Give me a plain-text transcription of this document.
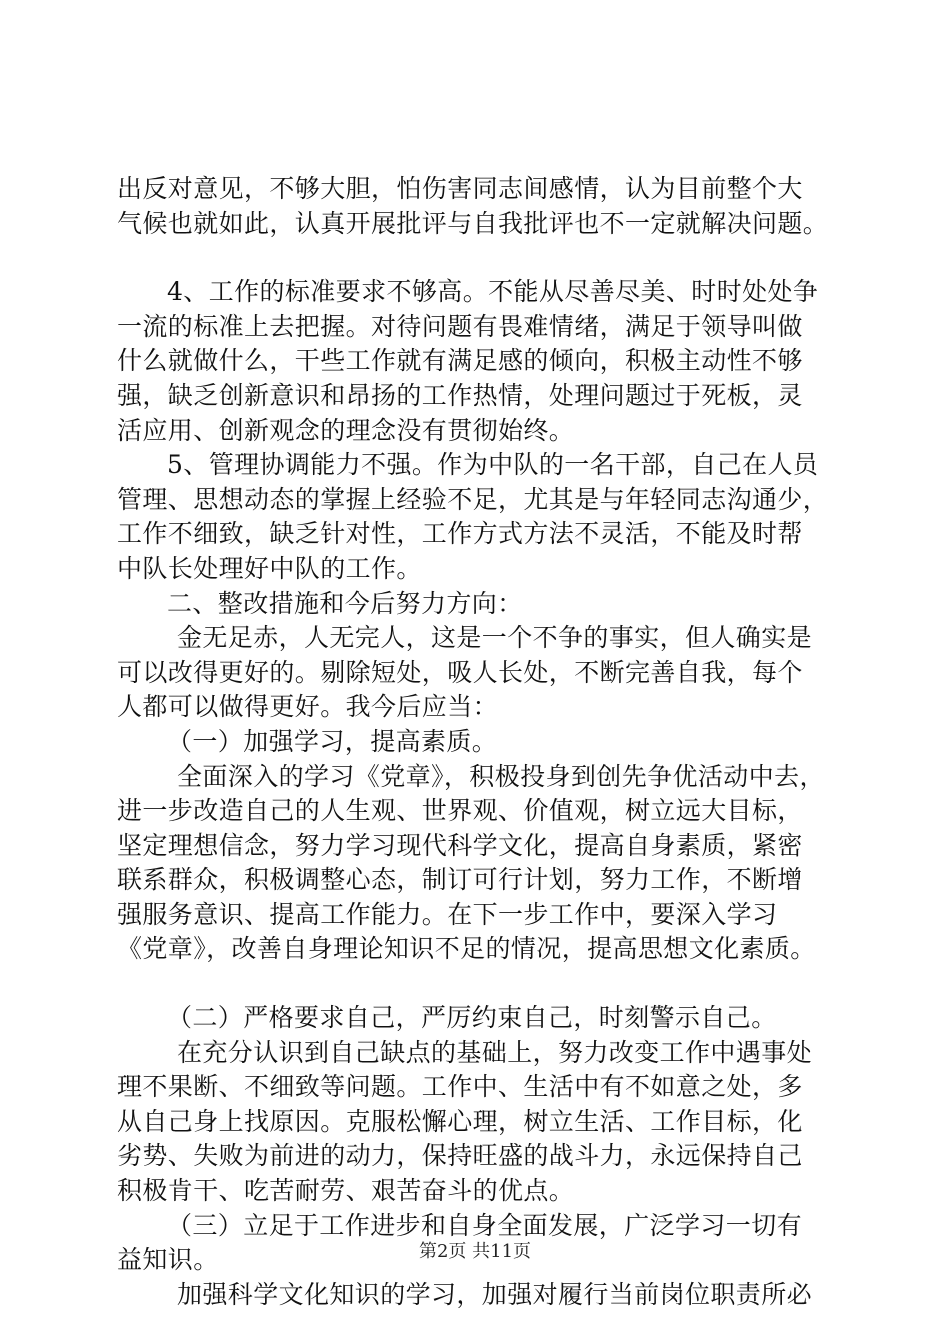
出反对意见，不够大胆，怕伤害同志间感情，认为目前整个大
气候也就如此，认真开展批评与自我批评也不一定就解决问题。
4、工作的标准要求不够高。不能从尽善尽美、时时处处争
一流的标准上去把握。对待问题有畏难情绪，满足于领导叫做
什么就做什么，干些工作就有满足感的倾向，积极主动性不够
强，缺乏创新意识和昂扬的工作热情，处理问题过于死板，灵
活应用、创新观念的理念没有贯彻始终。
5、管理协调能力不强。作为中队的一名干部，自己在人员
管理、思想动态的掌握上经验不足，尤其是与年轻同志沟通少，
工作不细致，缺乏针对性，工作方式方法不灵活，不能及时帮
中队长处理好中队的工作。
二、整改措施和今后努力方向：
金无足赤，人无完人，这是一个不争的事实，但人确实是
可以改得更好的。剔除短处，吸人长处，不断完善自我，每个
人都可以做得更好。我今后应当：
（一）加强学习，提高素质。
全面深入的学习《党章》，积极投身到创先争优活动中去，
进一步改造自己的人生观、世界观、价值观，树立远大目标，
坚定理想信念，努力学习现代科学文化，提高自身素质，紧密
联系群众，积极调整心态，制订可行计划，努力工作，不断增
强服务意识、提高工作能力。在下一步工作中，要深入学习
《党章》，改善自身理论知识不足的情况，提高思想文化素质。
（二）严格要求自己，严厉约束自己，时刻警示自己。
在充分认识到自己缺点的基础上，努力改变工作中遇事处
理不果断、不细致等问题。工作中、生活中有不如意之处，多
从自己身上找原因。克服松懈心理，树立生活、工作目标，化
劣势、失败为前进的动力，保持旺盛的战斗力，永远保持自己
积极肯干、吃苦耐劳、艰苦奋斗的优点。
（三）立足于工作进步和自身全面发展，广泛学习一切有
益知识。
加强科学文化知识的学习，加强对履行当前岗位职责所必
第2页 共11页
